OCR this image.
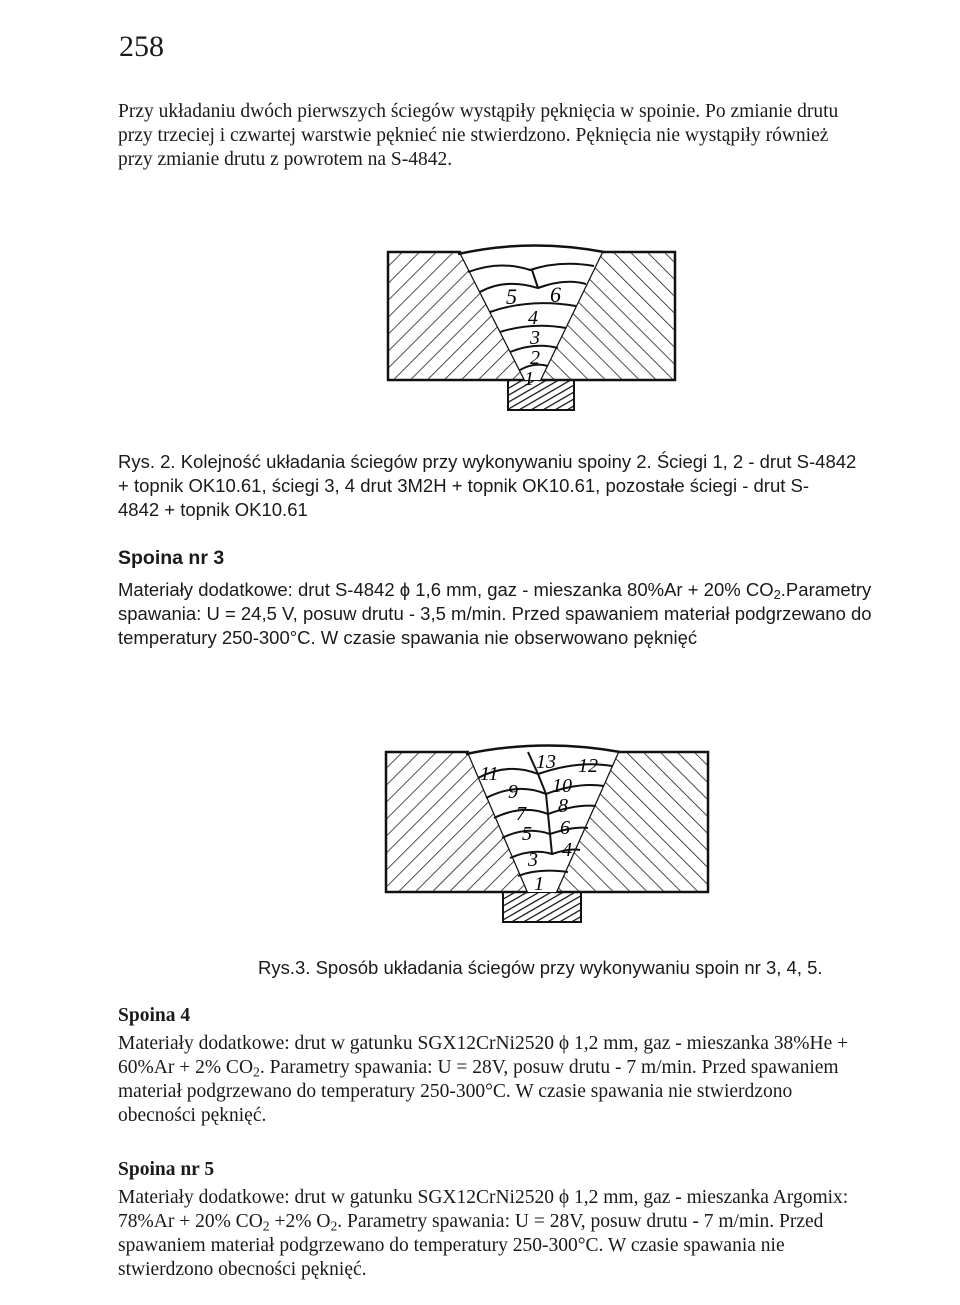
258
Przy układaniu dwóch pierwszych ściegów wystąpiły pęknięcia w spoinie. Po zmianie drutu
przy trzeciej i czwartej warstwie pęknieć nie stwierdzono. Pęknięcia nie wystąpiły również
przy zmianie drutu z powrotem na S-4842.
5 6
4
3
2
1
Rys. 2. Kolejność układania ściegów przy wykonywaniu spoiny 2. Ściegi 1, 2 - drut S-4842
+ topnik OK10.61, ściegi 3, 4 drut 3M2H + topnik OK10.61, pozostałe ściegi - drut S-
4842 + topnik OK10.61
Spoina nr 3
Materiały dodatkowe: drut S-4842 ϕ 1,6 mm, gaz - mieszanka 80%Ar + 20% $CO_2.Parametry$
spawania: U = 24,5 V, posuw drutu - 3,5 m/min. Przed spawaniem materiał podgrzewano do
temperatury 250-300°C. W czasie spawania nie obserwowano pęknięć
11
13 12
9 10
7 8
5 6
4
3
1
Rys.3. Sposób układania ściegów przy wykonywaniu spoin nr 3, 4, 5.
Spoina 4
Materiały dodatkowe: drut w gatunku SGX12CrNi2520 ϕ 1,2 mm, gaz - mieszanka 38%He +
60%Ar + 2% $CO_2$. Parametry spawania: U = 28V, posuw drutu - 7 m/min. Przed spawaniem
materiał podgrzewano do temperatury 250-300°C. W czasie spawania nie stwierdzono
obecności pęknięć.
Spoina nr 5
Materiały dodatkowe: drut w gatunku SGX12CrNi2520 ϕ 1,2 mm, gaz - mieszanka Argomix:
78%Ar + 20% $CO_2 +2\%$ $O_2$. Parametry spawania: U = 28V, posuw drutu - 7 m/min. Przed
spawaniem materiał podgrzewano do temperatury 250-300°C. W czasie spawania nie
stwierdzono obecności pęknięć.
